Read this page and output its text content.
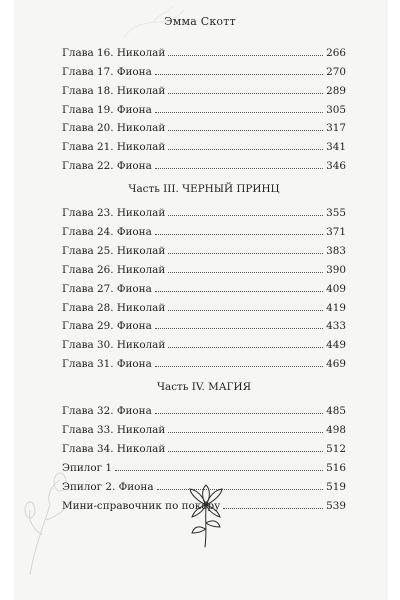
Эмма Скотт
Глава 16. Николай	266
Глава 17. Фиона	270
Глава 18. Николай	289
Глава 19. Фиона	305
Глава 20. Николай	317
Глава 21. Николай	341
Глава 22. Фиона	346
Часть III. ЧЕРНЫЙ ПРИНЦ
Глава 23. Николай	355
Глава 24. Фиона	371
Глава 25. Николай	383
Глава 26. Николай	390
Глава 27. Фиона	409
Глава 28. Николай	419
Глава 29. Фиона	433
Глава 30. Николай	449
Глава 31. Фиона	469
Часть IV. МАГИЯ
Глава 32. Фиона	485
Глава 33. Николай	498
Глава 34. Николай	512
Эпилог 1	516
Эпилог 2. Фиона	519
Мини-справочник по покеру	539
